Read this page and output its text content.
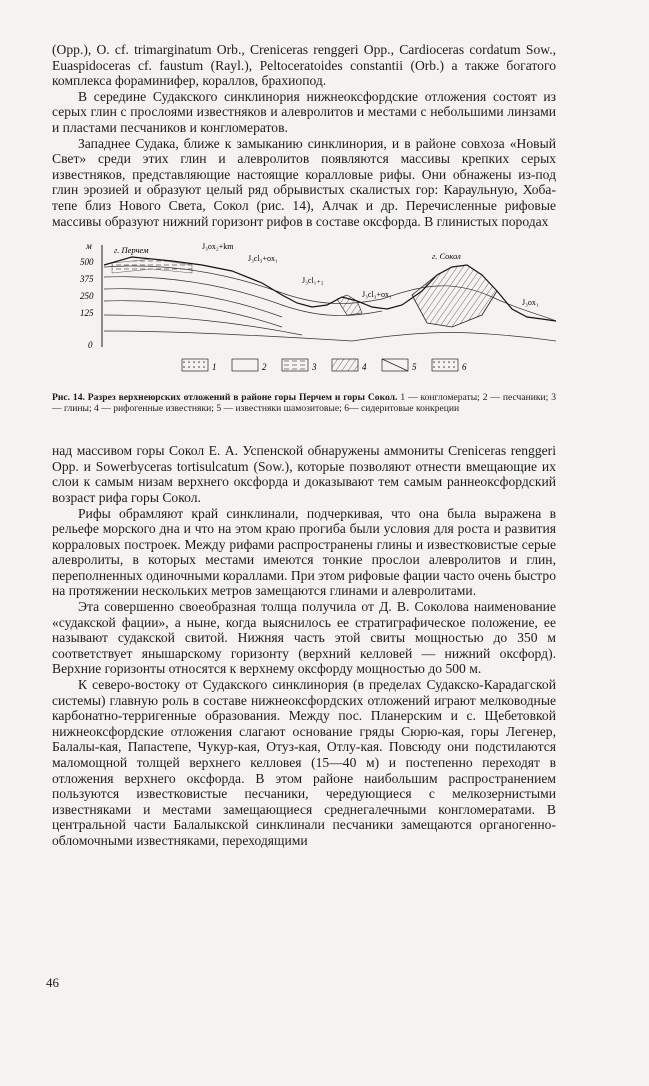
(Opp.), O. cf. trimarginatum Orb., Creniceras renggeri Opp., Cardioceras cordatum Sow., Euaspidoceras cf. faustum (Rayl.), Peltoceratoides constantii (Orb.) а также богатого комплекса фораминифер, кораллов, брахиопод.

В середине Судакского синклинория нижнеоксфордские отложения состоят из серых глин с прослоями известняков и алевролитов и местами с небольшими линзами и пластами песчаников и конгломератов.

Западнее Судака, ближе к замыканию синклинория, и в районе совхоза «Новый Свет» среди этих глин и алевролитов появляются массивы крепких серых известняков, представляющие настоящие коралловые рифы. Они обнажены из-под глин эрозией и образуют целый ряд обрывистых скалистых гор: Караульную, Хоба-тепе близ Нового Света, Сокол (рис. 14), Алчак и др. Перечисленные рифовые массивы образуют нижний горизонт рифов в составе оксфорда. В глинистых породах

м
500
375
250
125
0
г. Перчем
г. Сокол
J₃ox₂+km
J₃cl₃+ox₁
J₃cl₁₊₂
J₃cl₃+ox₁
J₃ox₁
1	2	3	4	5	6
Рис. 14. Разрез верхнеюрских отложений в районе горы Перчем и горы Сокол. 1 — конгломераты; 2 — песчаники; 3 — глины; 4 — рифогенные известняки; 5 — известняки шамозитовые; 6— сидеритовые конкреции

над массивом горы Сокол Е. А. Успенской обнаружены аммониты Creniceras renggeri Opp. и Sowerbyceras tortisulcatum (Sow.), которые позволяют отнести вмещающие их слои к самым низам верхнего оксфорда и доказывают тем самым раннеоксфордский возраст рифа горы Сокол.

Рифы обрамляют край синклинали, подчеркивая, что она была выражена в рельефе морского дна и что на этом краю прогиба были условия для роста и развития корраловых построек. Между рифами распространены глины и известковистые серые алевролиты, в которых местами имеются тонкие прослои алевролитов и глин, переполненных одиночными кораллами. При этом рифовые фации часто очень быстро на протяжении нескольких метров замещаются глинами и алевролитами.

Эта совершенно своеобразная толща получила от Д. В. Соколова наименование «судакской фации», а ныне, когда выяснилось ее стратиграфическое положение, ее называют судакской свитой. Нижняя часть этой свиты мощностью до 350 м соответствует янышарскому горизонту (верхний келловей — нижний оксфорд). Верхние горизонты относятся к верхнему оксфорду мощностью до 500 м.

К северо-востоку от Судакского синклинория (в пределах Судакско-Карадагской системы) главную роль в составе нижнеоксфордских отложений играют мелководные карбонатно-терригенные образования. Между пос. Планерским и с. Щебетовкой нижнеоксфордские отложения слагают основание гряды Сюрю-кая, горы Легенер, Балалы-кая, Папастепе, Чукур-кая, Отуз-кая, Отлу-кая. Повсюду они подстилаются маломощной толщей верхнего келловея (15—40 м) и постепенно переходят в отложения верхнего оксфорда. В этом районе наибольшим распространением пользуются известковистые песчаники, чередующиеся с мелкозернистыми известняками и местами замещающиеся среднегалечными конгломератами. В центральной части Балалыкской синклинали песчаники замещаются органогенно-обломочными известняками, переходящими

46
